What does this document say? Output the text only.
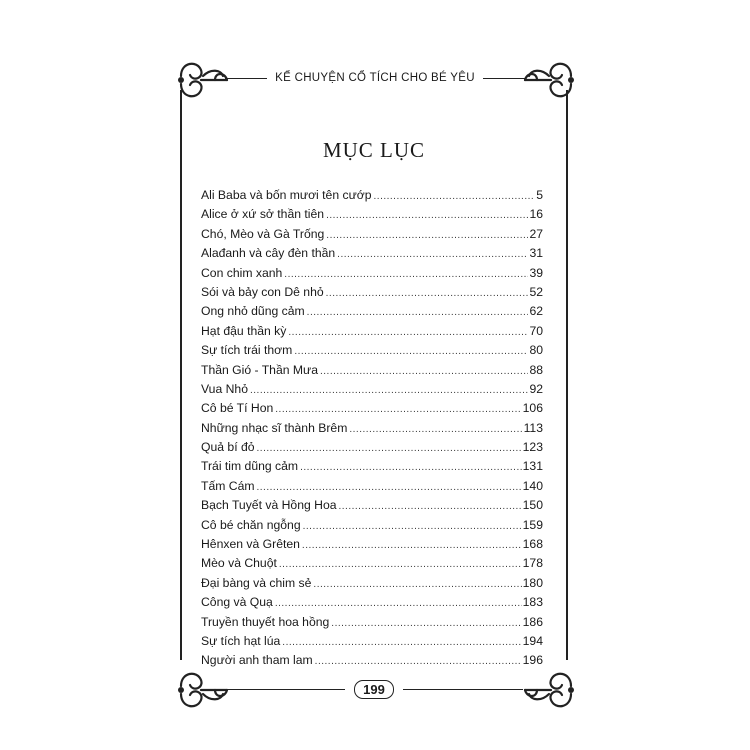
KỂ CHUYỆN CỔ TÍCH CHO BÉ YÊU
MỤC LỤC
Ali Baba và bốn mươi tên cướp .....	5
Alice ở xứ sở thần tiên .....	16
Chó, Mèo và Gà Trống .....	27
Alađanh và cây đèn thần .....	31
Con chim xanh .....	39
Sói và bảy con Dê nhỏ .....	52
Ong nhỏ dũng cảm .....	62
Hạt đậu thần kỳ .....	70
Sự tích trái thơm .....	80
Thần Gió - Thần Mưa .....	88
Vua Nhỏ .....	92
Cô bé Tí Hon .....	106
Những nhạc sĩ thành Brêm .....	113
Quả bí đỏ .....	123
Trái tim dũng cảm .....	131
Tấm Cám .....	140
Bạch Tuyết và Hồng Hoa .....	150
Cô bé chăn ngỗng .....	159
Hênxen và Grêten .....	168
Mèo và Chuột .....	178
Đại bàng và chim sẻ .....	180
Công và Quạ .....	183
Truyền thuyết hoa hồng .....	186
Sự tích hạt lúa .....	194
Người anh tham lam .....	196
199
